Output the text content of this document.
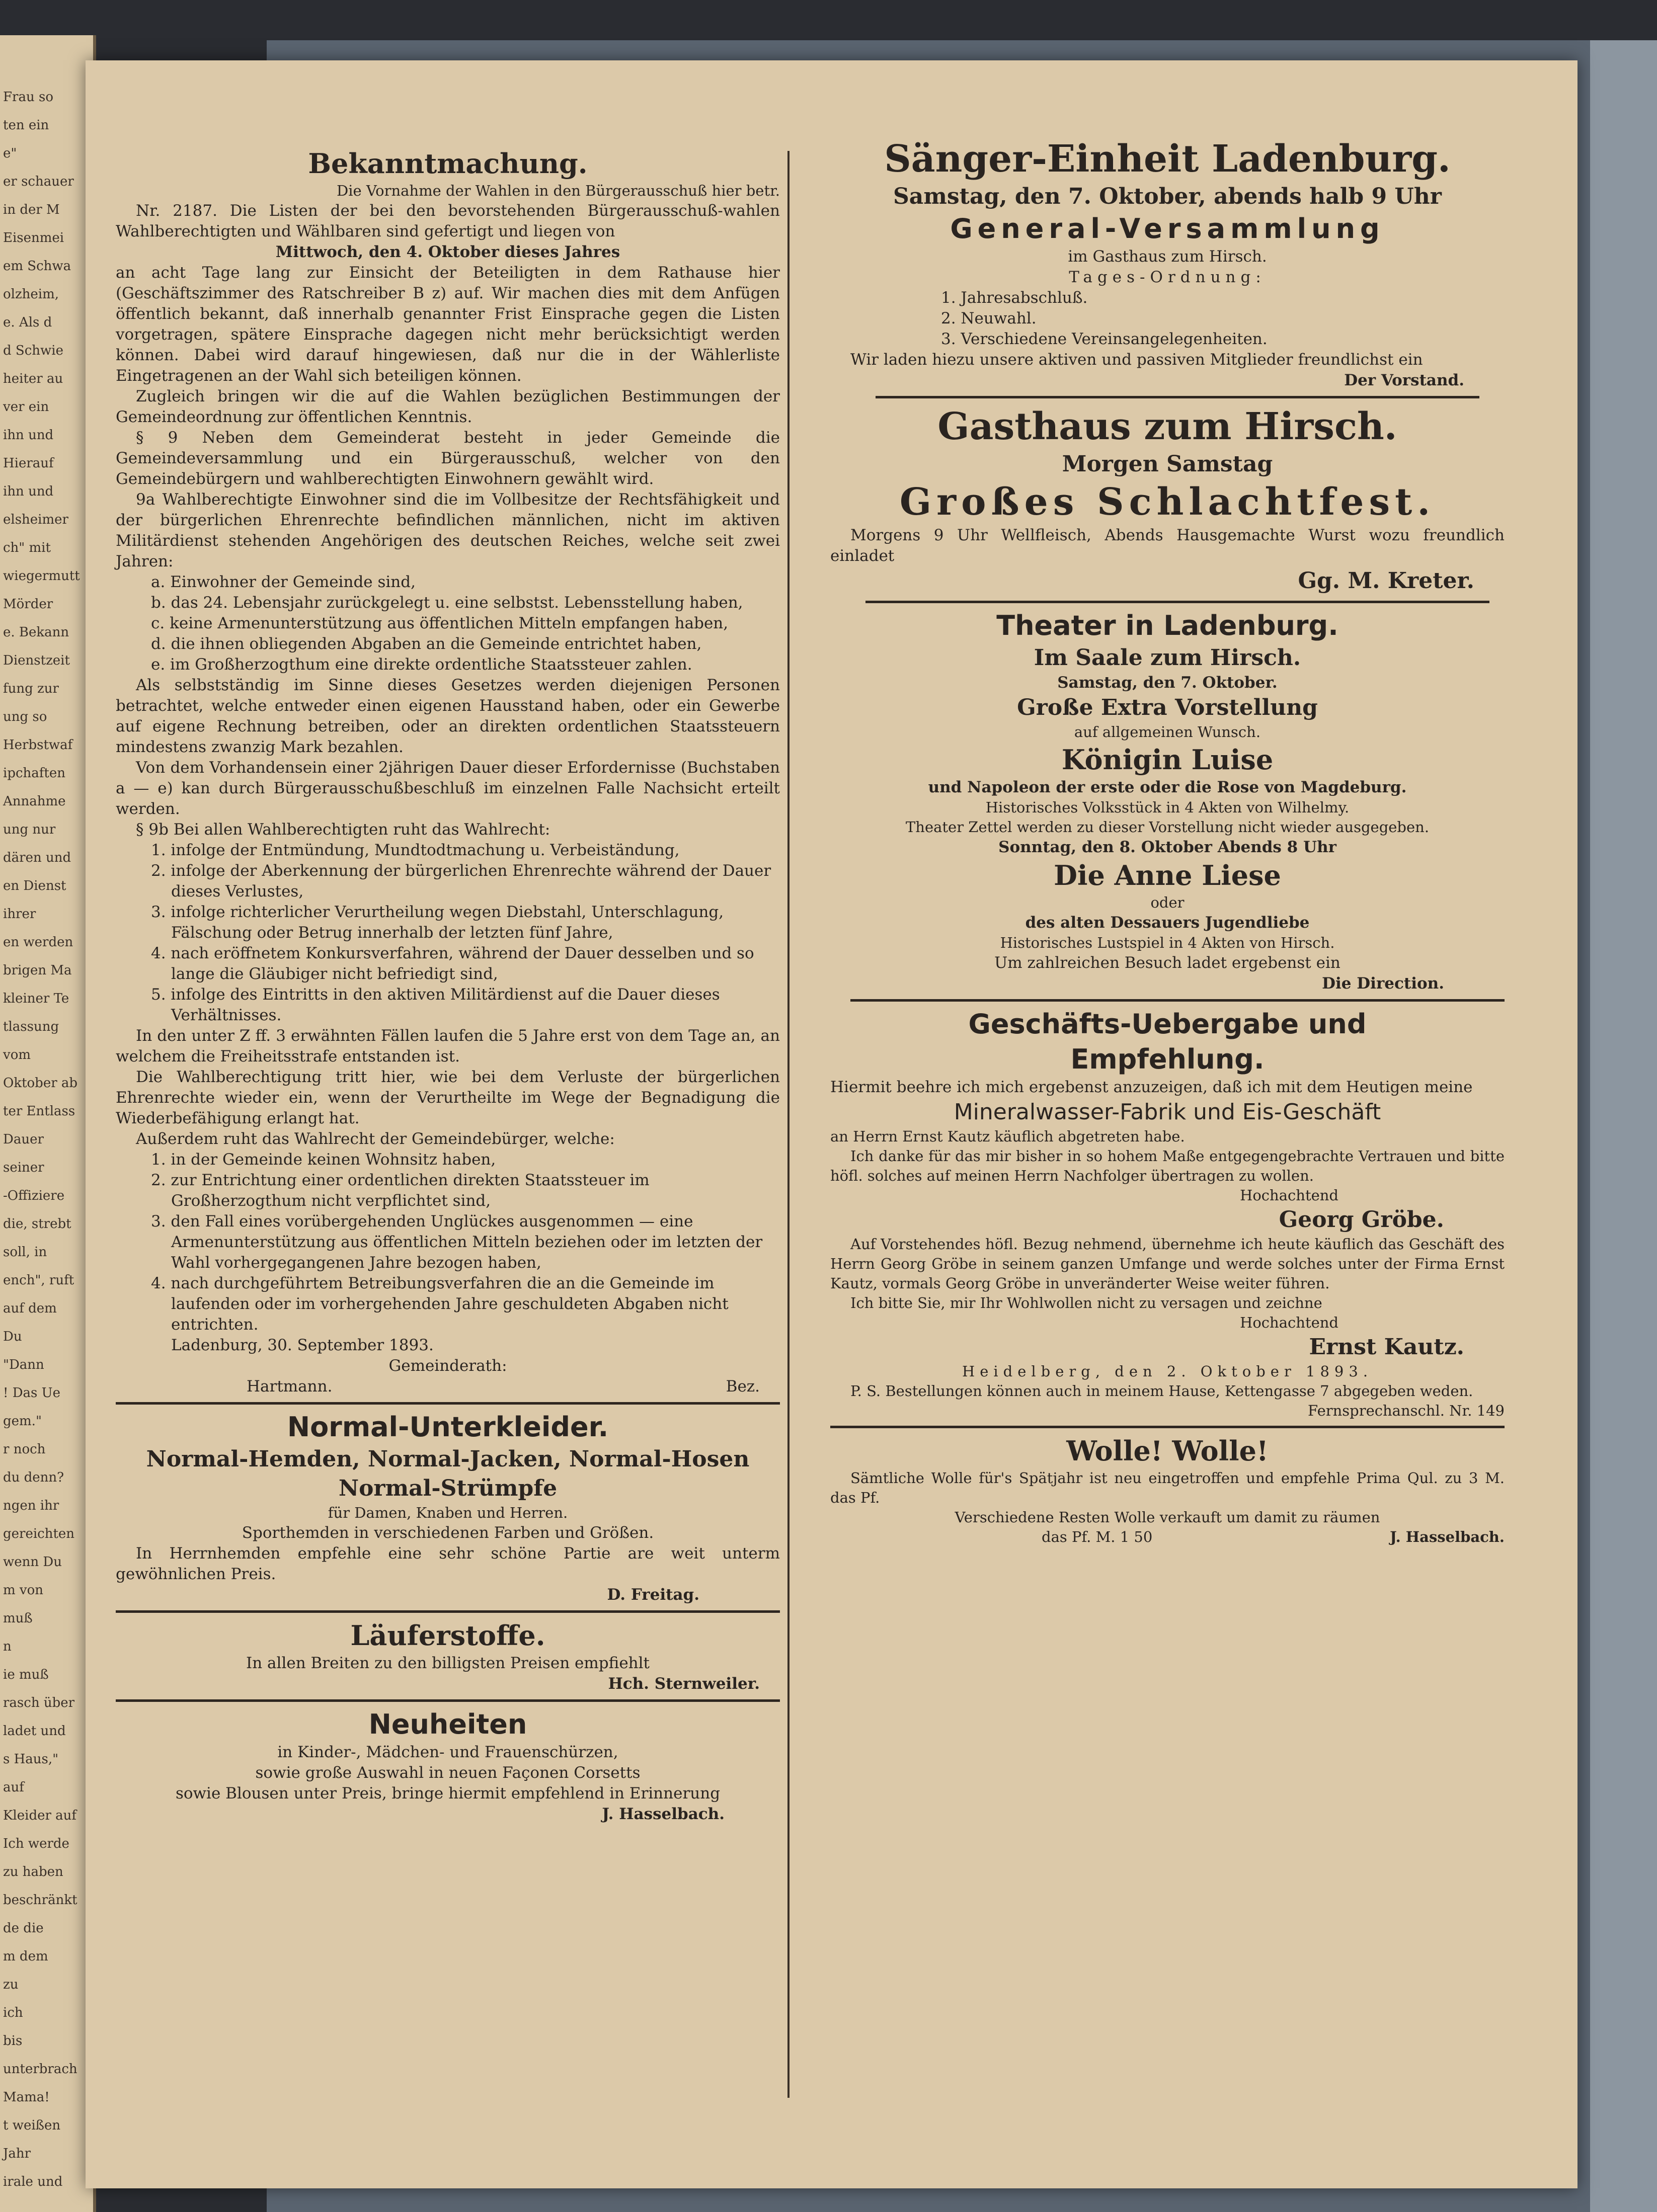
Frau so
ten ein
e"
er schauer
in der M
Eisenmei
em Schwa
olzheim,
e. Als d
d Schwie
heiter au
ver ein
ihn und
Hierauf
ihn und
elsheimer
ch" mit
wiegermutt
Mörder
e. Bekann
Dienstzeit
fung zur
ung so
Herbstwaf
ipchaften
Annahme
ung nur
dären und
en Dienst
ihrer
en werden
brigen Ma
kleiner Te
tlassung
vom
Oktober ab
ter Entlass
Dauer
seiner
-Offiziere
die, strebt
soll, in
ench", ruft
auf dem
Du
"Dann
! Das Ue
gem."
r noch
du denn?
ngen ihr
gereichten
wenn Du
m von
muß
n
ie muß
rasch über
ladet und
s Haus,"
auf
Kleider auf
Ich werde
zu haben
beschränkt
de die
m dem
zu
ich
bis
unterbrach
Mama!
t weißen
Jahr
irale und

Bekanntmachung.

Die Vornahme der Wahlen in den Bürgerausschuß hier betr.

Nr. 2187. Die Listen der bei den bevorstehenden Bürgerausschuß-wahlen Wahlberechtigten und Wählbaren sind gefertigt und liegen von

Mittwoch, den 4. Oktober dieses Jahres

an acht Tage lang zur Einsicht der Beteiligten in dem Rathause hier (Geschäftszimmer des Ratschreiber B z) auf. Wir machen dies mit dem Anfügen öffentlich bekannt, daß innerhalb genannter Frist Einsprache gegen die Listen vorgetragen, spätere Einsprache dagegen nicht mehr berücksichtigt werden können. Dabei wird darauf hingewiesen, daß nur die in der Wählerliste Eingetragenen an der Wahl sich beteiligen können.

Zugleich bringen wir die auf die Wahlen bezüglichen Bestimmungen der Gemeindeordnung zur öffentlichen Kenntnis.

§ 9 Neben dem Gemeinderat besteht in jeder Gemeinde die Gemeindeversammlung und ein Bürgerausschuß, welcher von den Gemeindebürgern und wahlberechtigten Einwohnern gewählt wird.

9a Wahlberechtigte Einwohner sind die im Vollbesitze der Rechtsfähigkeit und der bürgerlichen Ehrenrechte befindlichen männlichen, nicht im aktiven Militärdienst stehenden Angehörigen des deutschen Reiches, welche seit zwei Jahren:

a. Einwohner der Gemeinde sind,

b. das 24. Lebensjahr zurückgelegt u. eine selbstst. Lebensstellung haben,

c. keine Armenunterstützung aus öffentlichen Mitteln empfangen haben,

d. die ihnen obliegenden Abgaben an die Gemeinde entrichtet haben,

e. im Großherzogthum eine direkte ordentliche Staatssteuer zahlen.

Als selbstständig im Sinne dieses Gesetzes werden diejenigen Personen betrachtet, welche entweder einen eigenen Hausstand haben, oder ein Gewerbe auf eigene Rechnung betreiben, oder an direkten ordentlichen Staatssteuern mindestens zwanzig Mark bezahlen.

Von dem Vorhandensein einer 2jährigen Dauer dieser Erfordernisse (Buchstaben a — e) kan durch Bürgerausschußbeschluß im einzelnen Falle Nachsicht erteilt werden.

§ 9b Bei allen Wahlberechtigten ruht das Wahlrecht:

1. infolge der Entmündung, Mundtodtmachung u. Verbeiständung,

2. infolge der Aberkennung der bürgerlichen Ehrenrechte während der Dauer dieses Verlustes,

3. infolge richterlicher Verurtheilung wegen Diebstahl, Unterschlagung, Fälschung oder Betrug innerhalb der letzten fünf Jahre,

4. nach eröffnetem Konkursverfahren, während der Dauer desselben und so lange die Gläubiger nicht befriedigt sind,

5. infolge des Eintritts in den aktiven Militärdienst auf die Dauer dieses Verhältnisses.

In den unter Z ff. 3 erwähnten Fällen laufen die 5 Jahre erst von dem Tage an, an welchem die Freiheitsstrafe entstanden ist.

Die Wahlberechtigung tritt hier, wie bei dem Verluste der bürgerlichen Ehrenrechte wieder ein, wenn der Verurtheilte im Wege der Begnadigung die Wiederbefähigung erlangt hat.

Außerdem ruht das Wahlrecht der Gemeindebürger, welche:

1. in der Gemeinde keinen Wohnsitz haben,

2. zur Entrichtung einer ordentlichen direkten Staatssteuer im Großherzogthum nicht verpflichtet sind,

3. den Fall eines vorübergehenden Unglückes ausgenommen — eine Armenunterstützung aus öffentlichen Mitteln beziehen oder im letzten der Wahl vorhergegangenen Jahre bezogen haben,

4. nach durchgeführtem Betreibungsverfahren die an die Gemeinde im laufenden oder im vorhergehenden Jahre geschuldeten Abgaben nicht entrichten.

Ladenburg, 30. September 1893.

Gemeinderath:

Hartmann.	Bez.

Normal-Unterkleider.

Normal-Hemden, Normal-Jacken, Normal-Hosen

Normal-Strümpfe

für Damen, Knaben und Herren.

Sporthemden in verschiedenen Farben und Größen.

In Herrnhemden empfehle eine sehr schöne Partie are weit unterm gewöhnlichen Preis.

D. Freitag.

Läuferstoffe.

In allen Breiten zu den billigsten Preisen empfiehlt

Hch. Sternweiler.

Neuheiten

in Kinder-, Mädchen- und Frauenschürzen,

sowie große Auswahl in neuen Façonen Corsetts

sowie Blousen unter Preis, bringe hiermit empfehlend in Erinnerung

J. Hasselbach.

Sänger-Einheit Ladenburg.

Samstag, den 7. Oktober, abends halb 9 Uhr

General-Versammlung

im Gasthaus zum Hirsch.

Tages-Ordnung:

1. Jahresabschluß.

2. Neuwahl.

3. Verschiedene Vereinsangelegenheiten.

Wir laden hiezu unsere aktiven und passiven Mitglieder freundlichst ein

Der Vorstand.

Gasthaus zum Hirsch.

Morgen Samstag

Großes Schlachtfest.

Morgens 9 Uhr Wellfleisch, Abends Hausgemachte Wurst wozu freundlich einladet

Gg. M. Kreter.

Theater in Ladenburg.

Im Saale zum Hirsch.

Samstag, den 7. Oktober.

Große Extra Vorstellung

auf allgemeinen Wunsch.

Königin Luise

und Napoleon der erste oder die Rose von Magdeburg.

Historisches Volksstück in 4 Akten von Wilhelmy.

Theater Zettel werden zu dieser Vorstellung nicht wieder ausgegeben.

Sonntag, den 8. Oktober Abends 8 Uhr

Die Anne Liese

oder

des alten Dessauers Jugendliebe

Historisches Lustspiel in 4 Akten von Hirsch.

Um zahlreichen Besuch ladet ergebenst ein

Die Direction.

Geschäfts-Uebergabe und

Empfehlung.

Hiermit beehre ich mich ergebenst anzuzeigen, daß ich mit dem Heutigen meine

Mineralwasser-Fabrik und Eis-Geschäft

an Herrn Ernst Kautz käuflich abgetreten habe.

Ich danke für das mir bisher in so hohem Maße entgegengebrachte Vertrauen und bitte höfl. solches auf meinen Herrn Nachfolger übertragen zu wollen.

Hochachtend

Georg Gröbe.

Auf Vorstehendes höfl. Bezug nehmend, übernehme ich heute käuflich das Geschäft des Herrn Georg Gröbe in seinem ganzen Umfange und werde solches unter der Firma Ernst Kautz, vormals Georg Gröbe in unveränderter Weise weiter führen.

Ich bitte Sie, mir Ihr Wohlwollen nicht zu versagen und zeichne

Hochachtend

Ernst Kautz.

Heidelberg, den 2. Oktober 1893.

P. S. Bestellungen können auch in meinem Hause, Kettengasse 7 abgegeben weden.

Fernsprechanschl. Nr. 149

Wolle! Wolle!

Sämtliche Wolle für's Spätjahr ist neu eingetroffen und empfehle Prima Qul. zu 3 M. das Pf.

Verschiedene Resten Wolle verkauft um damit zu räumen

das Pf. M. 1 50	J. Hasselbach.
